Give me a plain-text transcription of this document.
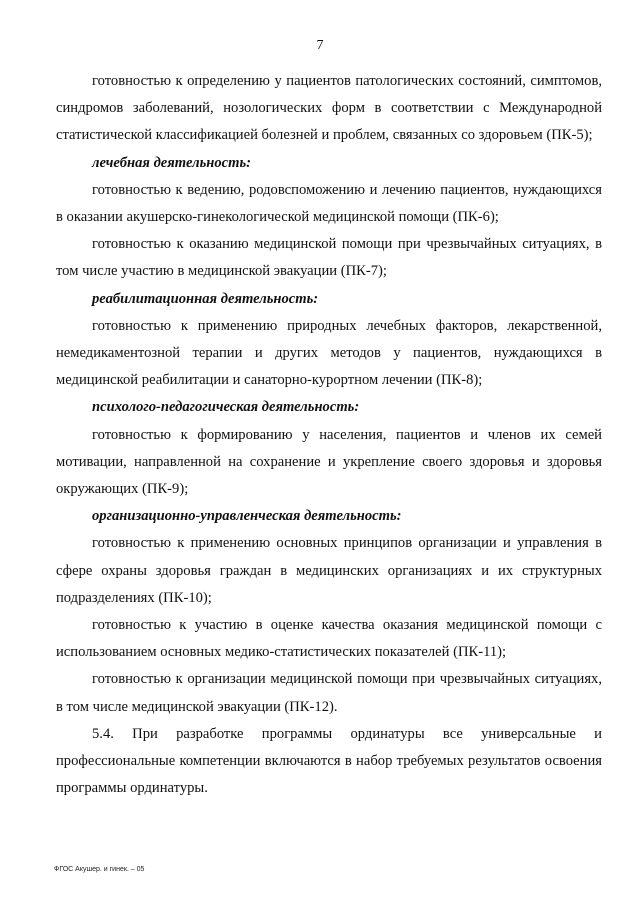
7

готовностью к определению у пациентов патологических состояний, симптомов, синдромов заболеваний, нозологических форм в соответствии с Международной статистической классификацией болезней и проблем, связанных со здоровьем (ПК-5);

лечебная деятельность:

готовностью к ведению, родовспоможению и лечению пациентов, нуждающихся в оказании акушерско-гинекологической медицинской помощи (ПК-6);

готовностью к оказанию медицинской помощи при чрезвычайных ситуациях, в том числе участию в медицинской эвакуации (ПК-7);

реабилитационная деятельность:

готовностью к применению природных лечебных факторов, лекарственной, немедикаментозной терапии и других методов у пациентов, нуждающихся в медицинской реабилитации и санаторно-курортном лечении (ПК-8);

психолого-педагогическая деятельность:

готовностью к формированию у населения, пациентов и членов их семей мотивации, направленной на сохранение и укрепление своего здоровья и здоровья окружающих (ПК-9);

организационно-управленческая деятельность:

готовностью к применению основных принципов организации и управления в сфере охраны здоровья граждан в медицинских организациях и их структурных подразделениях (ПК-10);

готовностью к участию в оценке качества оказания медицинской помощи с использованием основных медико-статистических показателей (ПК-11);

готовностью к организации медицинской помощи при чрезвычайных ситуациях, в том числе медицинской эвакуации (ПК-12).

5.4. При разработке программы ординатуры все универсальные и профессиональные компетенции включаются в набор требуемых результатов освоения программы ординатуры.

ФГОС Акушер. и гинек. – 05
